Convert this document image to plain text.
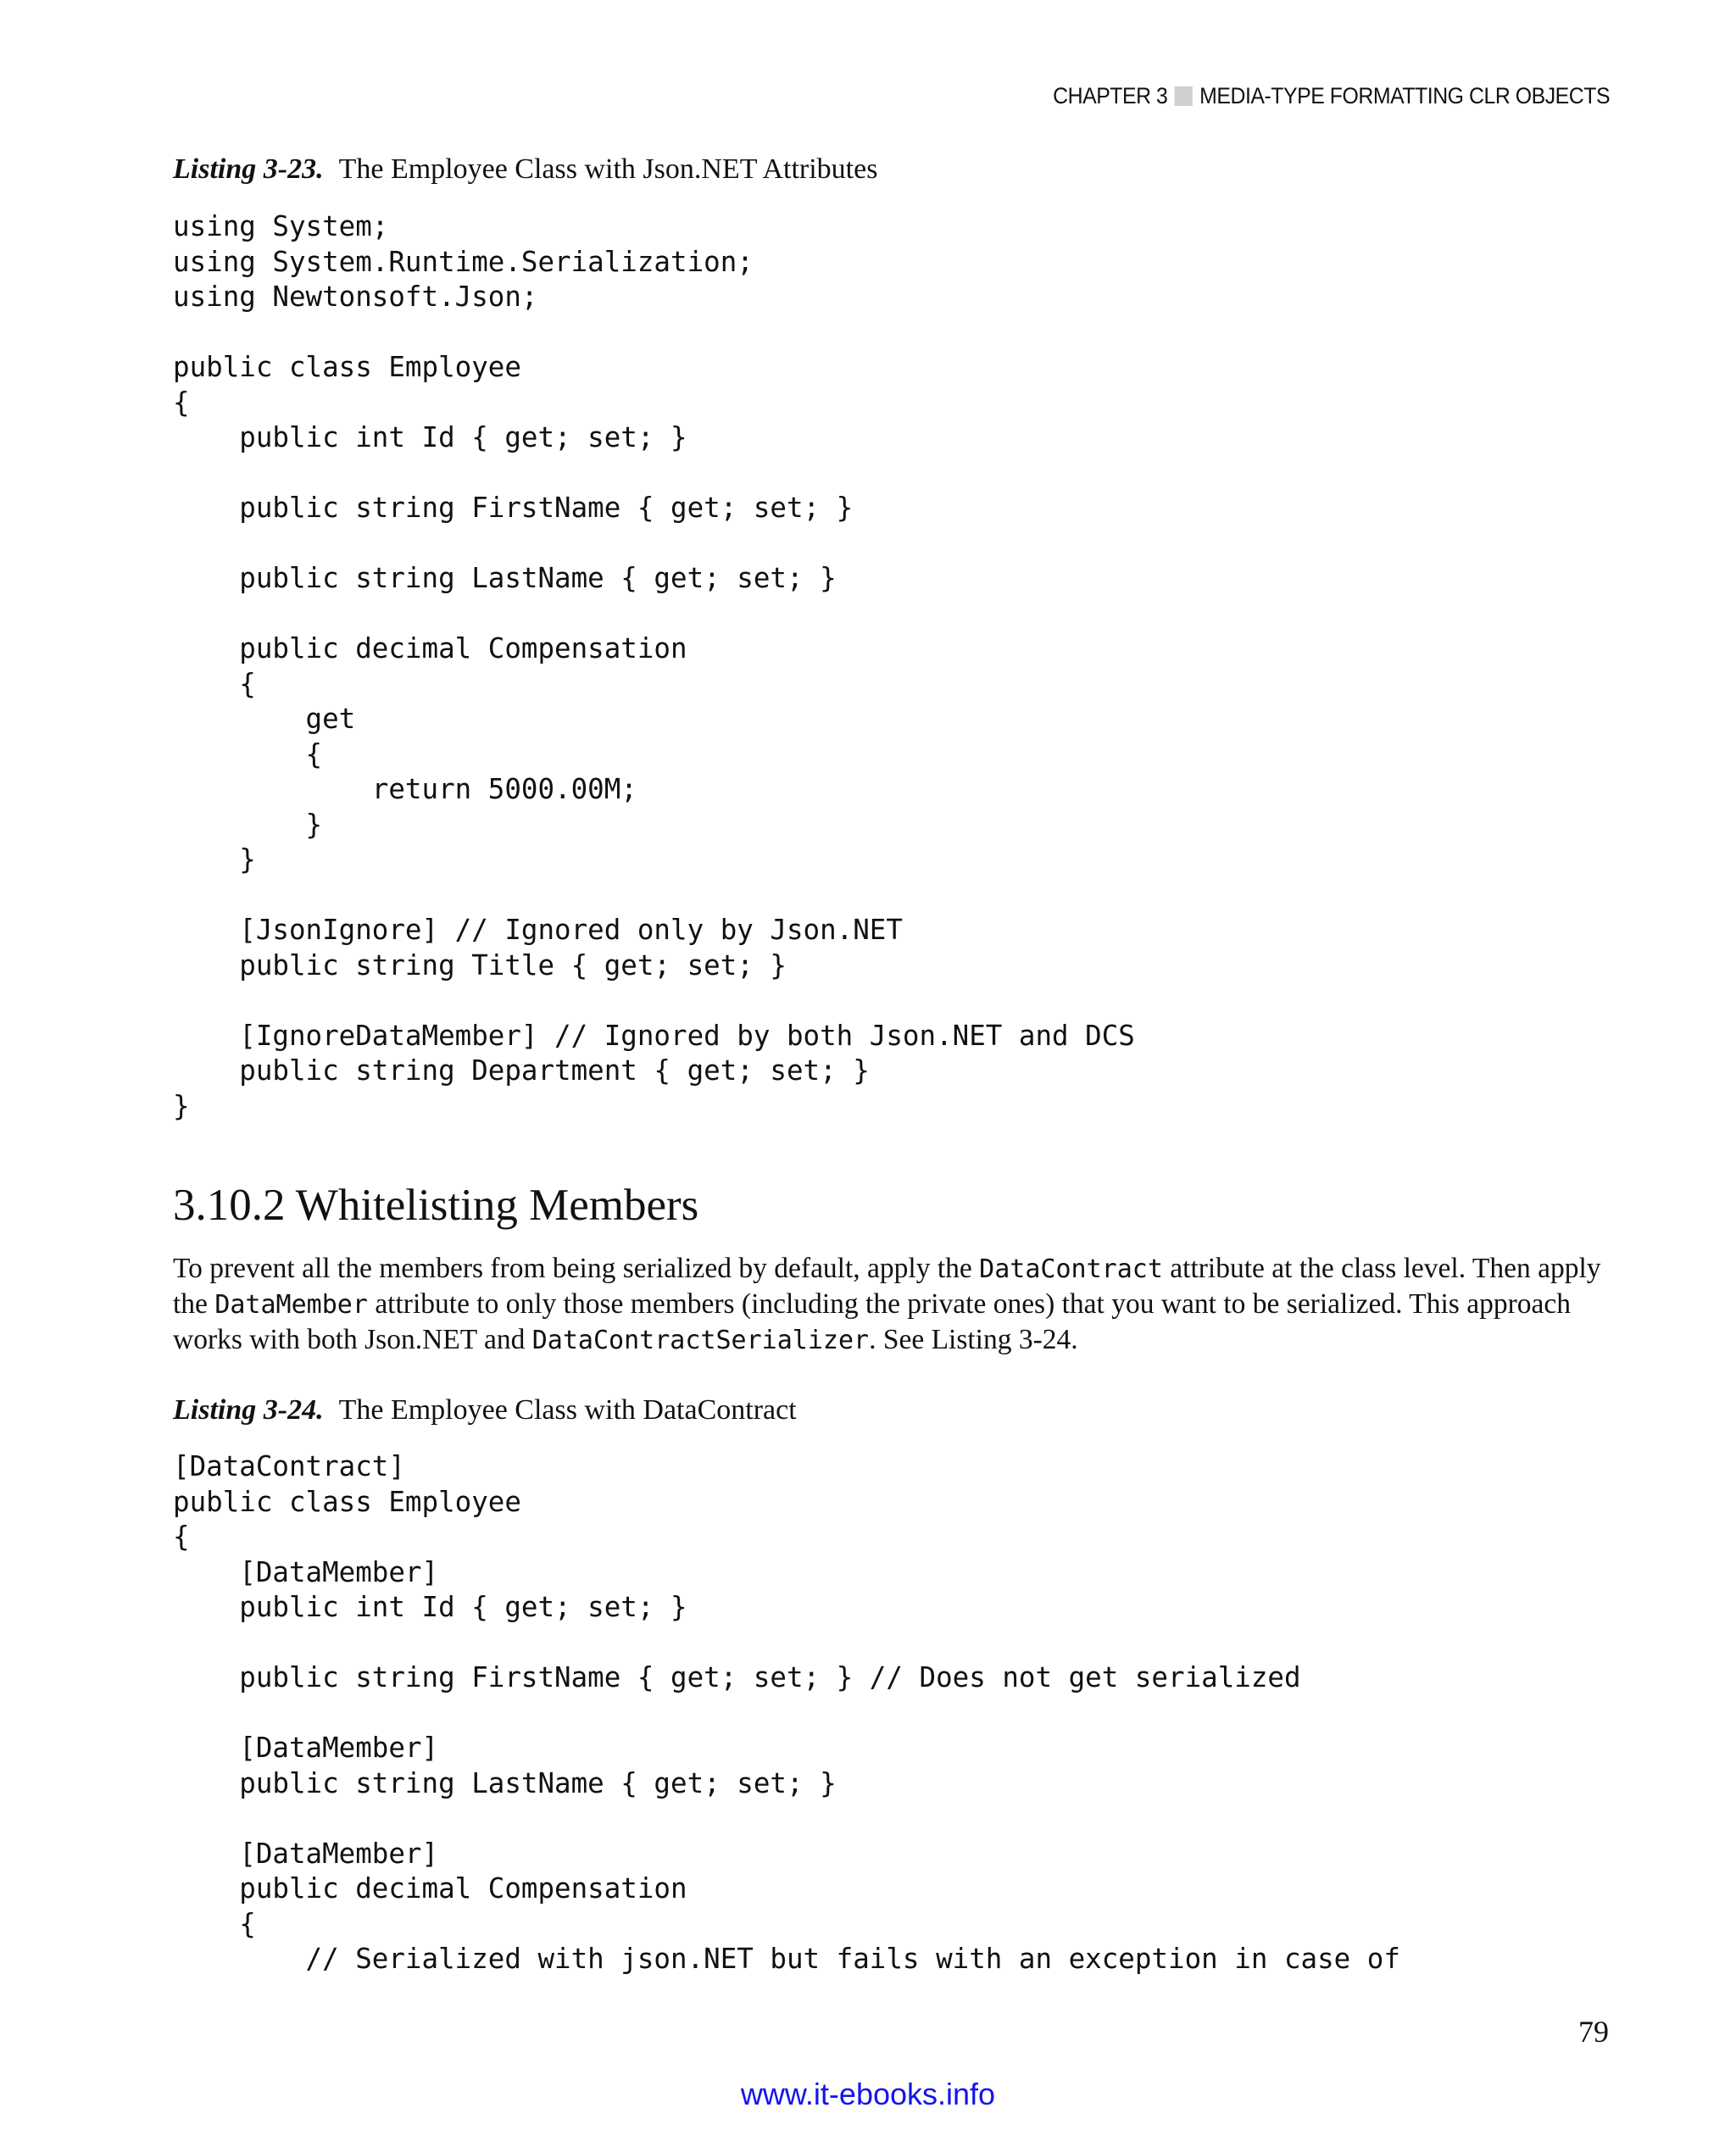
CHAPTER 3 MEDIA-TYPE FORMATTING CLR OBJECTS
Listing 3-23. The Employee Class with Json.NET Attributes
using System;
using System.Runtime.Serialization;
using Newtonsoft.Json;

public class Employee
{
public int Id { get; set; }

public string FirstName { get; set; }

public string LastName { get; set; }

public decimal Compensation
{
get
{
return 5000.00M;
}
}

[JsonIgnore] // Ignored only by Json.NET
public string Title { get; set; }

[IgnoreDataMember] // Ignored by both Json.NET and DCS
public string Department { get; set; }
}
3.10.2 Whitelisting Members
To prevent all the members from being serialized by default, apply the DataContract attribute at the class level. Then apply the DataMember attribute to only those members (including the private ones) that you want to be serialized. This approach works with both Json.NET and DataContractSerializer. See Listing 3-24.
Listing 3-24. The Employee Class with DataContract
[DataContract]
public class Employee
{
[DataMember]
public int Id { get; set; }

public string FirstName { get; set; } // Does not get serialized

[DataMember]
public string LastName { get; set; }

[DataMember]
public decimal Compensation
{
// Serialized with json.NET but fails with an exception in case of
79
www.it-ebooks.info
